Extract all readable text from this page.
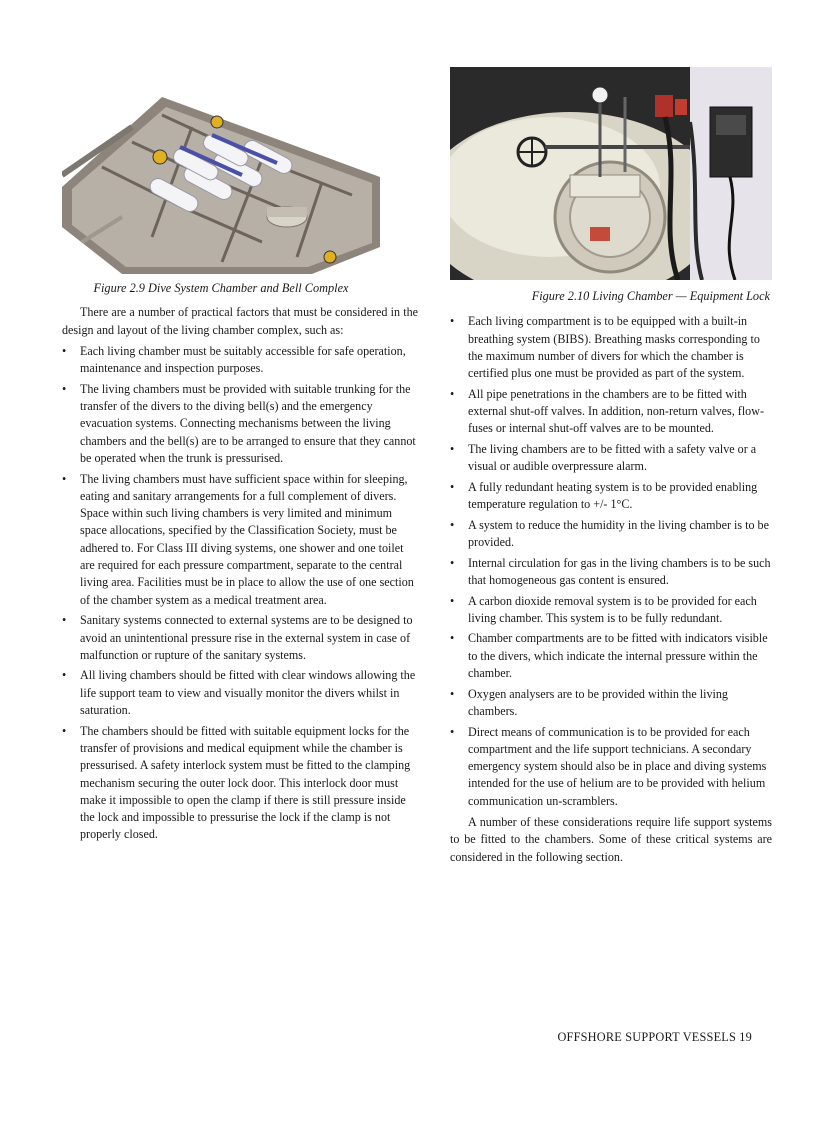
Figure 2.9 Dive System Chamber and Bell Complex

There are a number of practical factors that must be considered in the design and layout of the living chamber complex, such as:

• Each living chamber must be suitably accessible for safe operation, maintenance and inspection purposes.
• The living chambers must be provided with suitable trunking for the transfer of the divers to the diving bell(s) and the emergency evacuation systems. Connecting mechanisms between the living chambers and the bell(s) are to be arranged to ensure that they cannot be operated when the trunk is pressurised.
• The living chambers must have sufficient space within for sleeping, eating and sanitary arrangements for a full complement of divers. Space within such living chambers is very limited and minimum space allocations, specified by the Classification Society, must be adhered to. For Class III diving systems, one shower and one toilet are required for each pressure compartment, separate to the central living area. Facilities must be in place to allow the use of one section of the chamber system as a medical treatment area.
• Sanitary systems connected to external systems are to be designed to avoid an unintentional pressure rise in the external system in case of malfunction or rupture of the sanitary systems.
• All living chambers should be fitted with clear windows allowing the life support team to view and visually monitor the divers whilst in saturation.
• The chambers should be fitted with suitable equipment locks for the transfer of provisions and medical equipment while the chamber is pressurised. A safety interlock system must be fitted to the clamping mechanism securing the outer lock door. This interlock door must make it impossible to open the clamp if there is still pressure inside the lock and impossible to pressurise the lock if the clamp is not properly closed.
Figure 2.10 Living Chamber — Equipment Lock
• Each living compartment is to be equipped with a built-in breathing system (BIBS). Breathing masks corresponding to the maximum number of divers for which the chamber is certified plus one must be provided as part of the system.
• All pipe penetrations in the chambers are to be fitted with external shut-off valves. In addition, non-return valves, flow-fuses or internal shut-off valves are to be mounted.
• The living chambers are to be fitted with a safety valve or a visual or audible overpressure alarm.
• A fully redundant heating system is to be provided enabling temperature regulation to +/- 1°C.
• A system to reduce the humidity in the living chamber is to be provided.
• Internal circulation for gas in the living chambers is to be such that homogeneous gas content is ensured.
• A carbon dioxide removal system is to be provided for each living chamber. This system is to be fully redundant.
• Chamber compartments are to be fitted with indicators visible to the divers, which indicate the internal pressure within the chamber.
• Oxygen analysers are to be provided within the living chambers.
• Direct means of communication is to be provided for each compartment and the life support technicians. A secondary emergency system should also be in place and diving systems intended for the use of helium are to be provided with helium communication un-scramblers.

A number of these considerations require life support systems to be fitted to the chambers. Some of these critical systems are considered in the following section.

OFFSHORE SUPPORT VESSELS 19
